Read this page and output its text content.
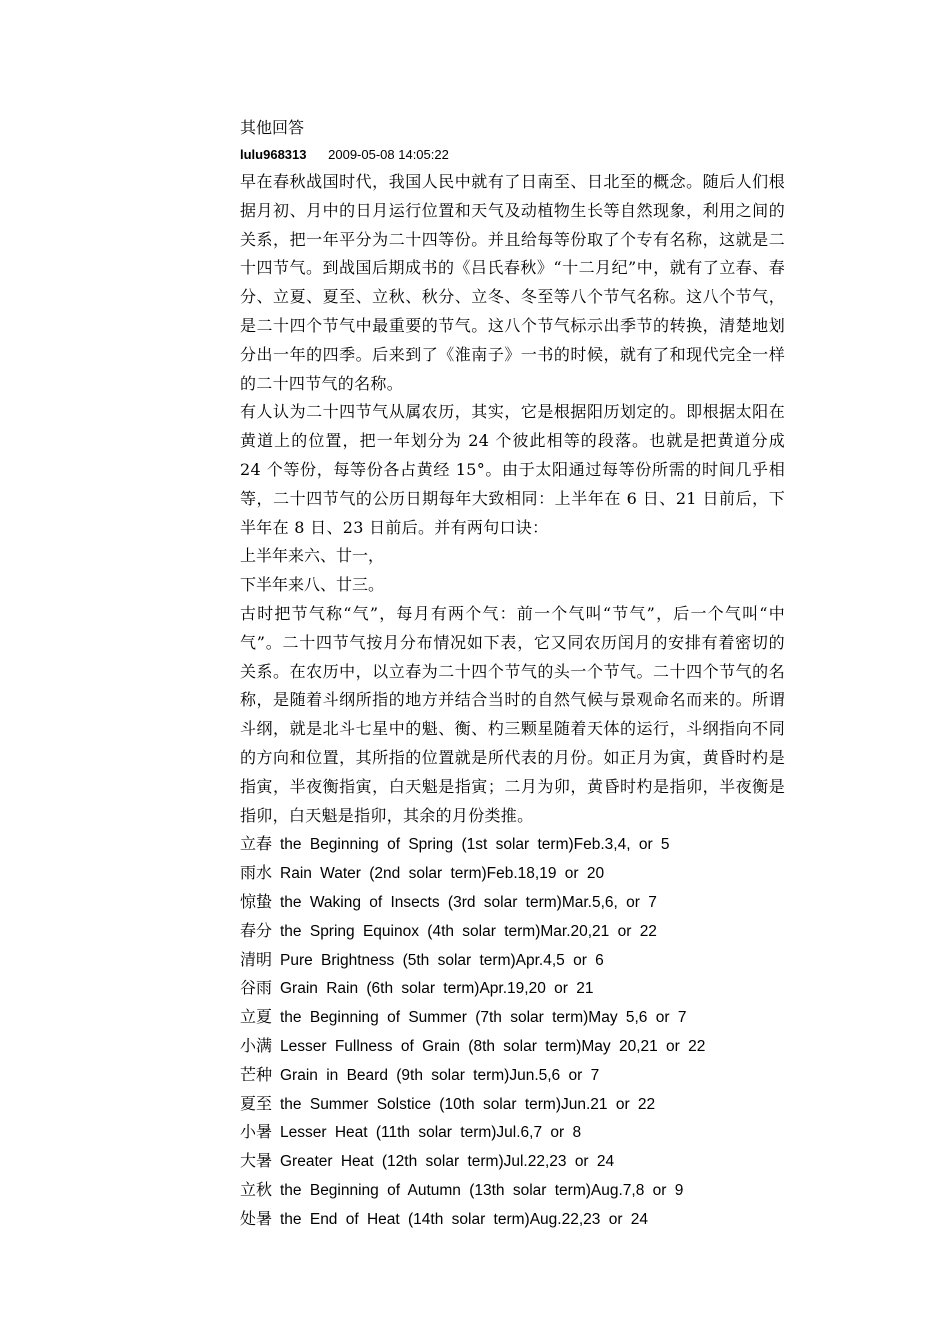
其他回答
lulu968313 2009-05-08 14:05:22

早在春秋战国时代，我国人民中就有了日南至、日北至的概念。随后人们根据月初、月中的日月运行位置和天气及动植物生长等自然现象，利用之间的关系，把一年平分为二十四等份。并且给每等份取了个专有名称，这就是二十四节气。到战国后期成书的《吕氏春秋》“十二月纪”中，就有了立春、春分、立夏、夏至、立秋、秋分、立冬、冬至等八个节气名称。这八个节气，是二十四个节气中最重要的节气。这八个节气标示出季节的转换，清楚地划分出一年的四季。后来到了《淮南子》一书的时候，就有了和现代完全一样的二十四节气的名称。

有人认为二十四节气从属农历，其实，它是根据阳历划定的。即根据太阳在黄道上的位置，把一年划分为 24 个彼此相等的段落。也就是把黄道分成 24 个等份，每等份各占黄经 15°。由于太阳通过每等份所需的时间几乎相等，二十四节气的公历日期每年大致相同：上半年在 6 日、21 日前后，下半年在 8 日、23 日前后。并有两句口诀：

上半年来六、廿一，

下半年来八、廿三。

古时把节气称“气”，每月有两个气：前一个气叫“节气”，后一个气叫“中气”。二十四节气按月分布情况如下表，它又同农历闰月的安排有着密切的关系。在农历中，以立春为二十四个节气的头一个节气。二十四个节气的名称，是随着斗纲所指的地方并结合当时的自然气候与景观命名而来的。所谓斗纲，就是北斗七星中的魁、衡、杓三颗星随着天体的运行，斗纲指向不同的方向和位置，其所指的位置就是所代表的月份。如正月为寅，黄昏时杓是指寅，半夜衡指寅，白天魁是指寅；二月为卯，黄昏时杓是指卯，半夜衡是指卯，白天魁是指卯，其余的月份类推。

立春 the Beginning of Spring (1st solar term)Feb.3,4, or 5
雨水 Rain Water (2nd solar term)Feb.18,19 or 20
惊蛰 the Waking of Insects (3rd solar term)Mar.5,6, or 7
春分 the Spring Equinox (4th solar term)Mar.20,21 or 22
清明 Pure Brightness (5th solar term)Apr.4,5 or 6
谷雨 Grain Rain (6th solar term)Apr.19,20 or 21
立夏 the Beginning of Summer (7th solar term)May 5,6 or 7
小满 Lesser Fullness of Grain (8th solar term)May 20,21 or 22
芒种 Grain in Beard (9th solar term)Jun.5,6 or 7
夏至 the Summer Solstice (10th solar term)Jun.21 or 22
小暑 Lesser Heat (11th solar term)Jul.6,7 or 8
大暑 Greater Heat (12th solar term)Jul.22,23 or 24
立秋 the Beginning of Autumn (13th solar term)Aug.7,8 or 9
处暑 the End of Heat (14th solar term)Aug.22,23 or 24
